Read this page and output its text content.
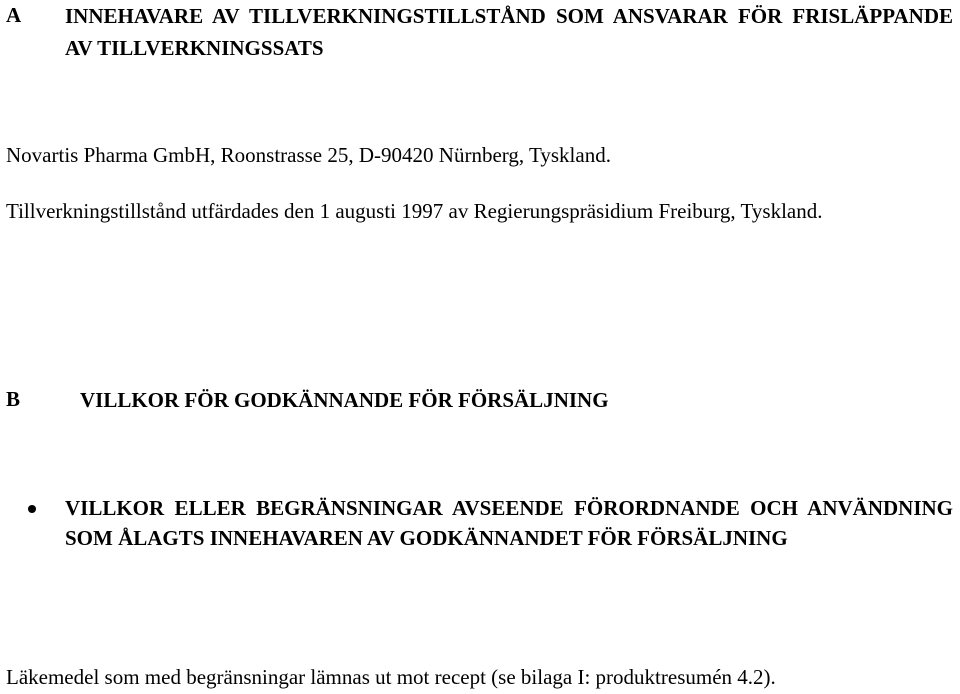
A INNEHAVARE AV TILLVERKNINGSTILLSTÅND SOM ANSVARAR FÖR FRISLÄPPANDE AV TILLVERKNINGSSATS
Novartis Pharma GmbH, Roonstrasse 25, D-90420 Nürnberg, Tyskland.
Tillverkningstillstånd utfärdades den 1 augusti 1997 av Regierungspräsidium Freiburg, Tyskland.
B	VILLKOR FÖR GODKÄNNANDE FÖR FÖRSÄLJNING
VILLKOR ELLER BEGRÄNSNINGAR AVSEENDE FÖRORDNANDE OCH ANVÄNDNING SOM ÅLAGTS INNEHAVAREN AV GODKÄNNANDET FÖR FÖRSÄLJNING
Läkemedel som med begränsningar lämnas ut mot recept (se bilaga I: produktresumén 4.2).
